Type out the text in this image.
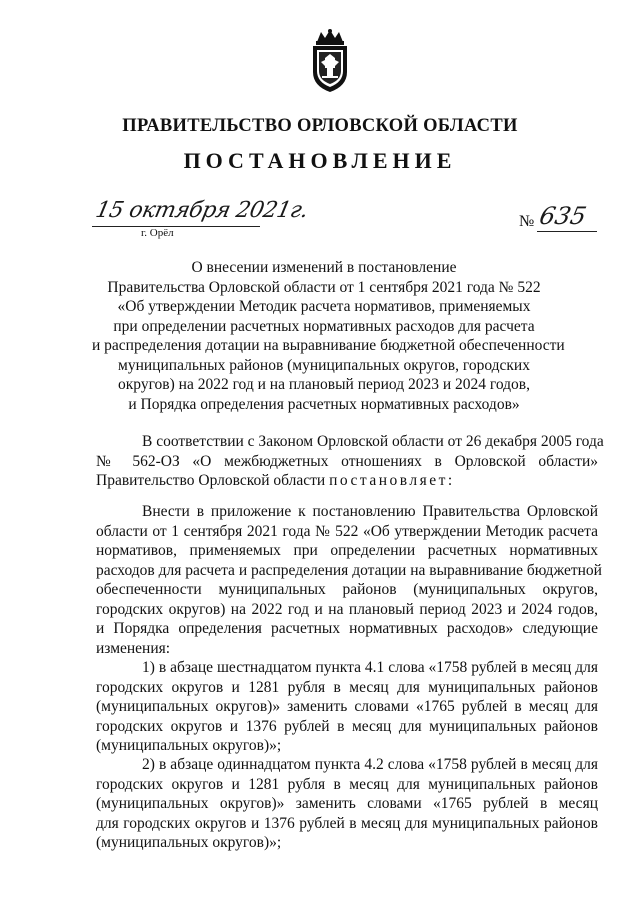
ПРАВИТЕЛЬСТВО ОРЛОВСКОЙ ОБЛАСТИ
ПОСТАНОВЛЕНИЕ
15 октября 2021г.
г. Орёл
№ 635
О внесении изменений в постановление
Правительства Орловской области от 1 сентября 2021 года № 522
«Об утверждении Методик расчета нормативов, применяемых
при определении расчетных нормативных расходов для расчета
и распределения дотации на выравнивание бюджетной обеспеченности
муниципальных районов (муниципальных округов, городских
округов) на 2022 год и на плановый период 2023 и 2024 годов,
и Порядка определения расчетных нормативных расходов»
В соответствии с Законом Орловской области от 26 декабря 2005 года
№ 562-ОЗ «О межбюджетных отношениях в Орловской области»
Правительство Орловской области постановляет:
Внести в приложение к постановлению Правительства Орловской
области от 1 сентября 2021 года № 522 «Об утверждении Методик расчета
нормативов, применяемых при определении расчетных нормативных
расходов для расчета и распределения дотации на выравнивание бюджетной
обеспеченности муниципальных районов (муниципальных округов,
городских округов) на 2022 год и на плановый период 2023 и 2024 годов,
и Порядка определения расчетных нормативных расходов» следующие
изменения:
1) в абзаце шестнадцатом пункта 4.1 слова «1758 рублей в месяц для
городских округов и 1281 рубля в месяц для муниципальных районов
(муниципальных округов)» заменить словами «1765 рублей в месяц для
городских округов и 1376 рублей в месяц для муниципальных районов
(муниципальных округов)»;
2) в абзаце одиннадцатом пункта 4.2 слова «1758 рублей в месяц для
городских округов и 1281 рубля в месяц для муниципальных районов
(муниципальных округов)» заменить словами «1765 рублей в месяц
для городских округов и 1376 рублей в месяц для муниципальных районов
(муниципальных округов)»;
